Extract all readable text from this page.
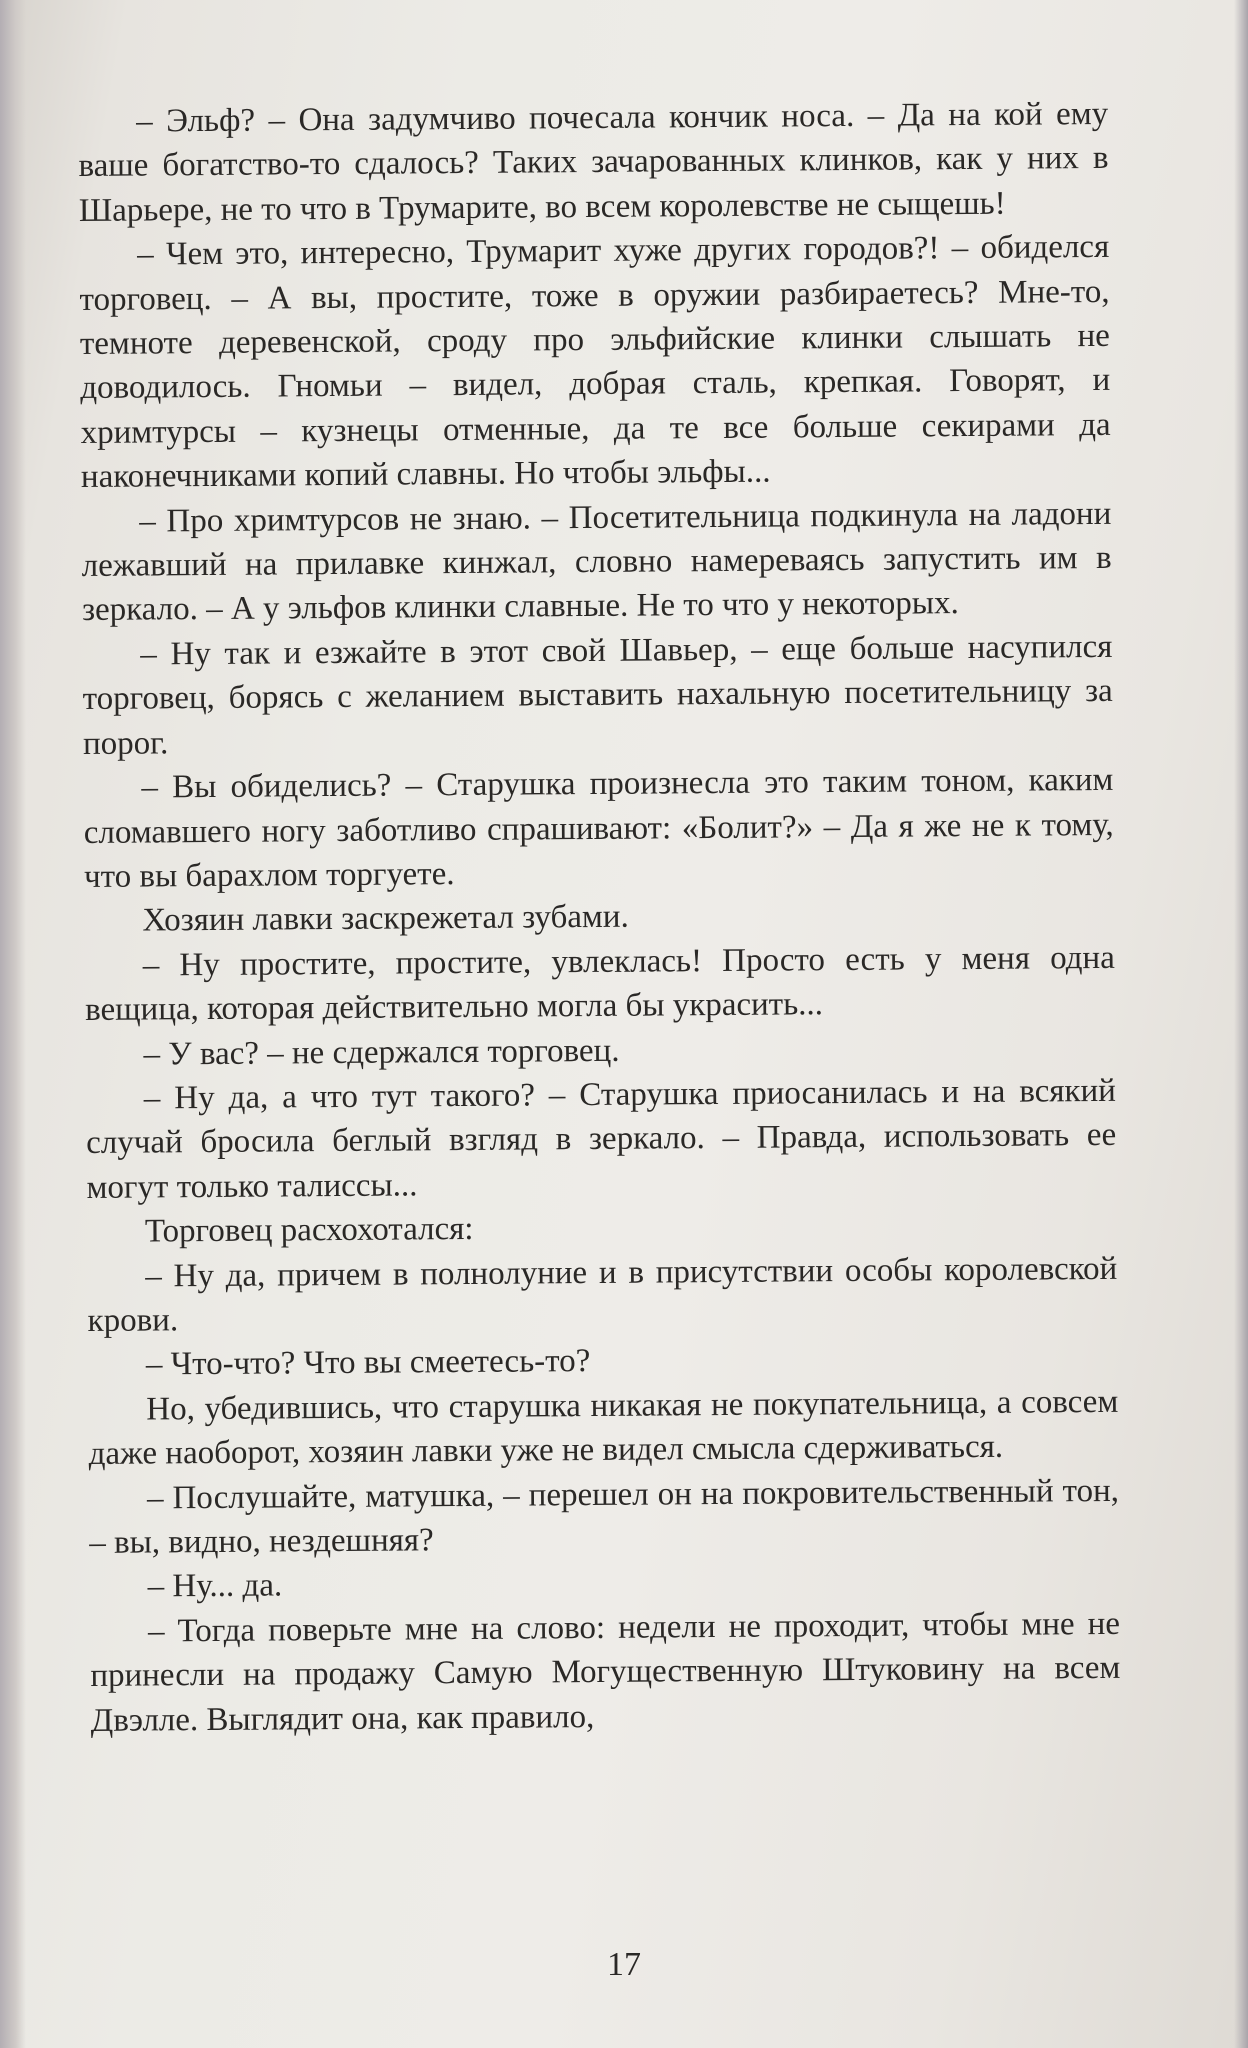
– Эльф? – Она задумчиво почесала кончик носа. – Да на кой ему ваше богатство-то сдалось? Таких зачарованных клинков, как у них в Шарьере, не то что в Трумарите, во всем королевстве не сыщешь!

– Чем это, интересно, Трумарит хуже других городов?! – обиделся торговец. – А вы, простите, тоже в оружии разбираетесь? Мне-то, темноте деревенской, сроду про эльфийские клинки слышать не доводилось. Гномьи – видел, добрая сталь, крепкая. Говорят, и хримтурсы – кузнецы отменные, да те все больше секирами да наконечниками копий славны. Но чтобы эльфы...

– Про хримтурсов не знаю. – Посетительница подкинула на ладони лежавший на прилавке кинжал, словно намереваясь запустить им в зеркало. – А у эльфов клинки славные. Не то что у некоторых.

– Ну так и езжайте в этот свой Шавьер, – еще больше насупился торговец, борясь с желанием выставить нахальную посетительницу за порог.

– Вы обиделись? – Старушка произнесла это таким тоном, каким сломавшего ногу заботливо спрашивают: «Болит?» – Да я же не к тому, что вы барахлом торгуете.

Хозяин лавки заскрежетал зубами.

– Ну простите, простите, увлеклась! Просто есть у меня одна вещица, которая действительно могла бы украсить...

– У вас? – не сдержался торговец.

– Ну да, а что тут такого? – Старушка приосанилась и на всякий случай бросила беглый взгляд в зеркало. – Правда, использовать ее могут только талиссы...

Торговец расхохотался:

– Ну да, причем в полнолуние и в присутствии особы королевской крови.

– Что-что? Что вы смеетесь-то?

Но, убедившись, что старушка никакая не покупательница, а совсем даже наоборот, хозяин лавки уже не видел смысла сдерживаться.

– Послушайте, матушка, – перешел он на покровительственный тон, – вы, видно, нездешняя?

– Ну... да.

– Тогда поверьте мне на слово: недели не проходит, чтобы мне не принесли на продажу Самую Могущественную Штуковину на всем Двэлле. Выглядит она, как правило,

17
